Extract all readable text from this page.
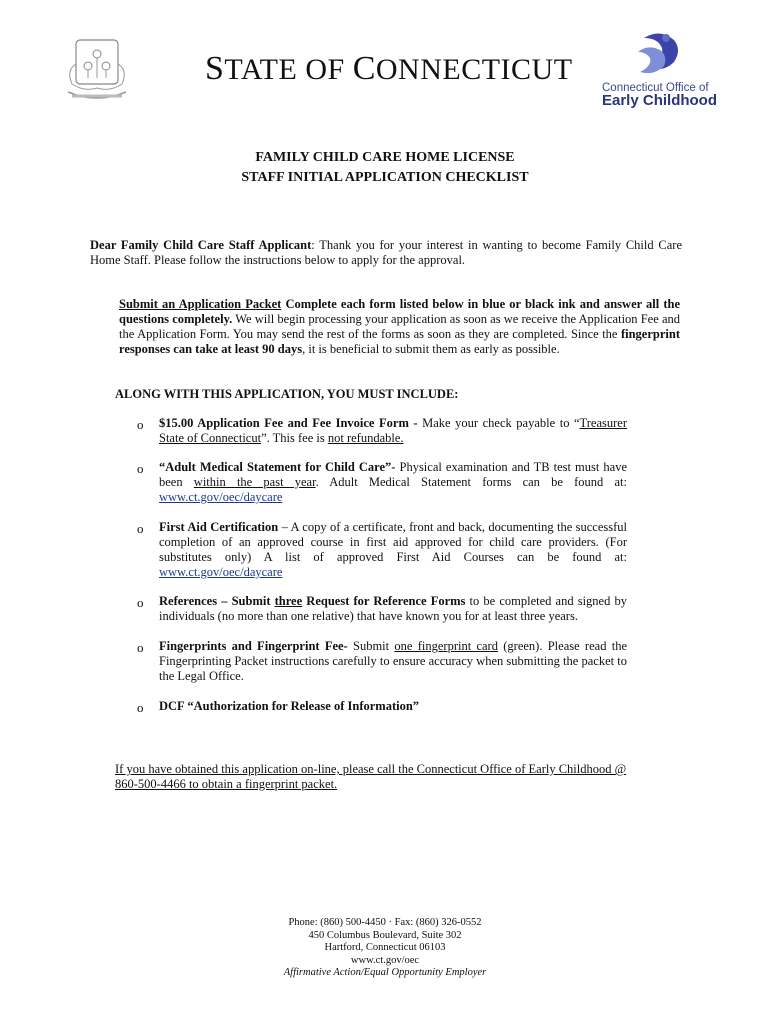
STATE OF CONNECTICUT
Connecticut Office of
Early Childhood
FAMILY CHILD CARE HOME LICENSE
STAFF INITIAL APPLICATION CHECKLIST

Dear Family Child Care Staff Applicant: Thank you for your interest in wanting to become Family Child Care Home Staff. Please follow the instructions below to apply for the approval.

Submit an Application Packet Complete each form listed below in blue or black ink and answer all the questions completely. We will begin processing your application as soon as we receive the Application Fee and the Application Form. You may send the rest of the forms as soon as they are completed. Since the fingerprint responses can take at least 90 days, it is beneficial to submit them as early as possible.

ALONG WITH THIS APPLICATION, YOU MUST INCLUDE:
o $15.00 Application Fee and Fee Invoice Form - Make your check payable to “Treasurer State of Connecticut”. This fee is not refundable.

o “Adult Medical Statement for Child Care”- Physical examination and TB test must have been within the past year. Adult Medical Statement forms can be found at: www.ct.gov/oec/daycare

o First Aid Certification – A copy of a certificate, front and back, documenting the successful completion of an approved course in first aid approved for child care providers. (For substitutes only) A list of approved First Aid Courses can be found at: www.ct.gov/oec/daycare

o References – Submit three Request for Reference Forms to be completed and signed by individuals (no more than one relative) that have known you for at least three years.

o Fingerprints and Fingerprint Fee- Submit one fingerprint card (green). Please read the Fingerprinting Packet instructions carefully to ensure accuracy when submitting the packet to the Legal Office.

o DCF “Authorization for Release of Information”

If you have obtained this application on-line, please call the Connecticut Office of Early Childhood @ 860-500-4466 to obtain a fingerprint packet.

Phone: (860) 500-4450 · Fax: (860) 326-0552
450 Columbus Boulevard, Suite 302
Hartford, Connecticut 06103
www.ct.gov/oec
Affirmative Action/Equal Opportunity Employer
